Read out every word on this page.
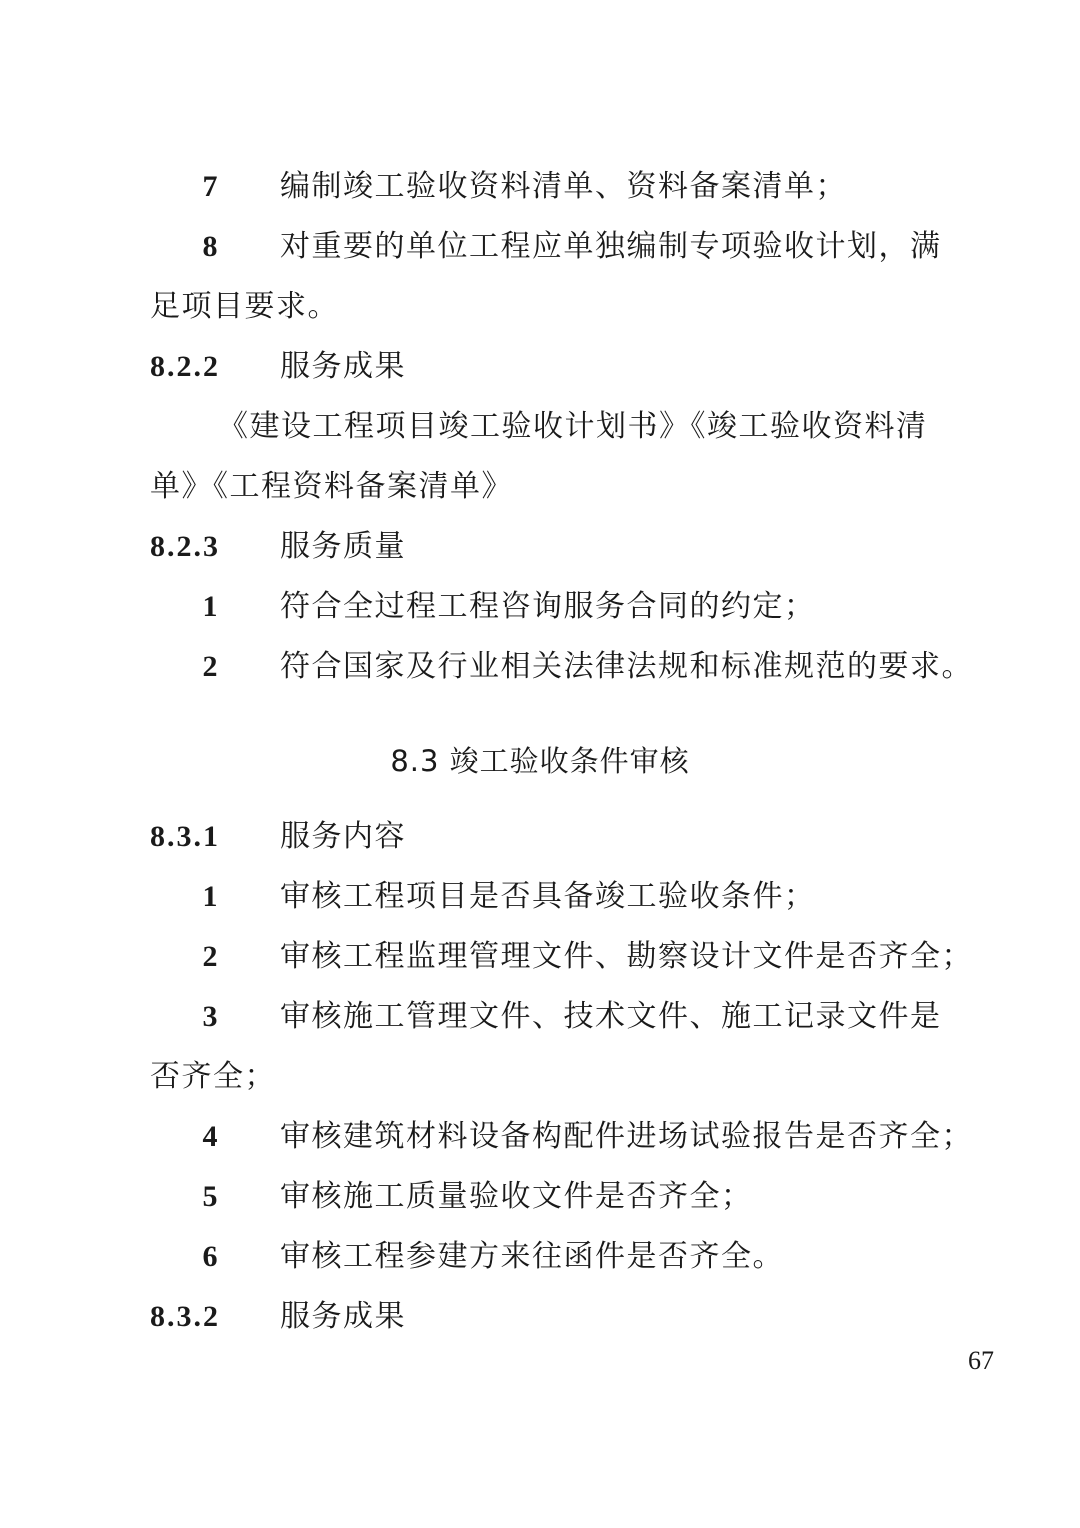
7	编制竣工验收资料清单、资料备案清单；
8	对重要的单位工程应单独编制专项验收计划，满
足项目要求。
8.2.2	服务成果
《建设工程项目竣工验收计划书》《竣工验收资料清
单》《工程资料备案清单》
8.2.3	服务质量
1	符合全过程工程咨询服务合同的约定；
2	符合国家及行业相关法律法规和标准规范的要求。
8.3 竣工验收条件审核
8.3.1	服务内容
1	审核工程项目是否具备竣工验收条件；
2	审核工程监理管理文件、勘察设计文件是否齐全；
3	审核施工管理文件、技术文件、施工记录文件是
否齐全；
4	审核建筑材料设备构配件进场试验报告是否齐全；
5	审核施工质量验收文件是否齐全；
6	审核工程参建方来往函件是否齐全。
8.3.2	服务成果
67
